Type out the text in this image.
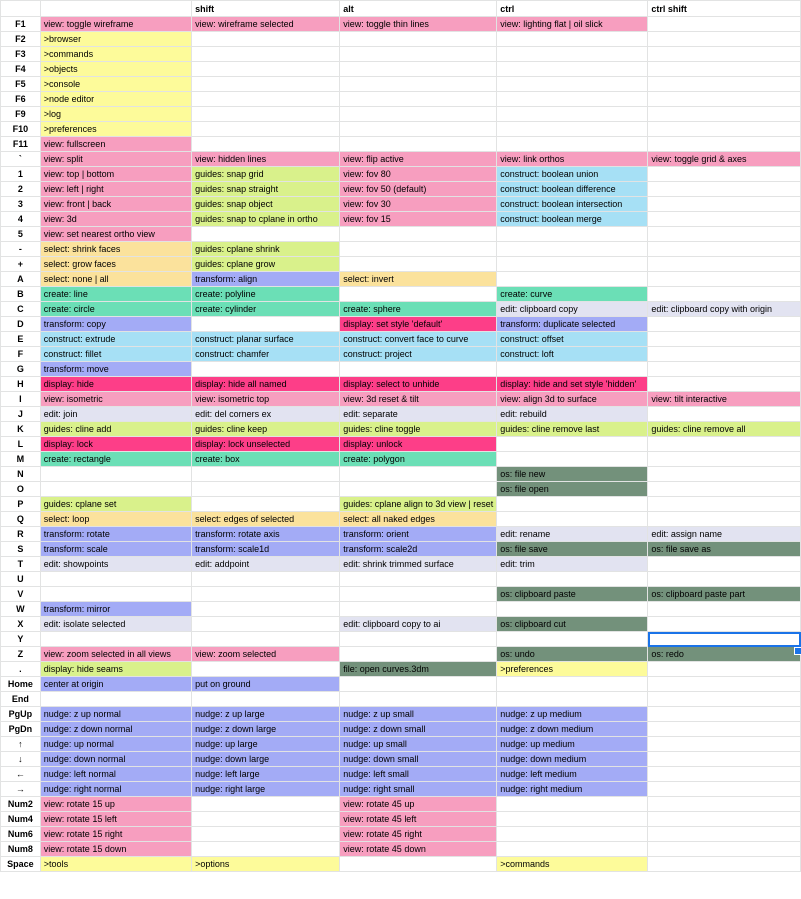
		shift	alt	ctrl	ctrl shift
F1	view: toggle wireframe	view: wireframe selected	view: toggle thin lines	view: lighting flat | oil slick	
F2	>browser				
F3	>commands				
F4	>objects				
F5	>console				
F6	>node editor				
F9	>log				
F10	>preferences				
F11	view: fullscreen				
`	view: split	view: hidden lines	view: flip active	view: link orthos	view: toggle grid & axes
1	view: top | bottom	guides: snap grid	view: fov 80	construct: boolean union	
2	view: left | right	guides: snap straight	view: fov 50 (default)	construct: boolean difference	
3	view: front | back	guides: snap object	view: fov 30	construct: boolean intersection	
4	view: 3d	guides: snap to cplane in ortho	view: fov 15	construct: boolean merge	
5	view: set nearest ortho view				
-	select: shrink faces	guides: cplane shrink			
+	select: grow faces	guides: cplane grow			
A	select: none | all	transform: align	select: invert		
B	create: line	create: polyline		create: curve	
C	create: circle	create: cylinder	create: sphere	edit: clipboard copy	edit: clipboard copy with origin
D	transform: copy		display: set style 'default'	transform: duplicate selected	
E	construct: extrude	construct: planar surface	construct: convert face to curve	construct: offset	
F	construct: fillet	construct: chamfer	construct: project	construct: loft	
G	transform: move				
H	display: hide	display: hide all named	display: select to unhide	display: hide and set style 'hidden'	
I	view: isometric	view: isometric top	view: 3d reset & tilt	view: align 3d to surface	view: tilt interactive
J	edit: join	edit: del corners ex	edit: separate	edit: rebuild	
K	guides: cline add	guides: cline keep	guides: cline toggle	guides: cline remove last	guides: cline remove all
L	display: lock	display: lock unselected	display: unlock		
M	create: rectangle	create: box	create: polygon		
N				os: file new	
O				os: file open	
P	guides: cplane set		guides: cplane align to 3d view | reset		
Q	select: loop	select: edges of selected	select: all naked edges		
R	transform: rotate	transform: rotate axis	transform: orient	edit: rename	edit: assign name
S	transform: scale	transform: scale1d	transform: scale2d	os: file save	os: file save as
T	edit: showpoints	edit: addpoint	edit: shrink trimmed surface	edit: trim	
U					
V				os: clipboard paste	os: clipboard paste part
W	transform: mirror				
X	edit: isolate selected		edit: clipboard copy to ai	os: clipboard cut	
Y					
Z	view: zoom selected in all views	view: zoom selected		os: undo	os: redo
.	display: hide seams		file: open curves.3dm	>preferences	
Home	center at origin	put on ground			
End					
PgUp	nudge: z up normal	nudge: z up large	nudge: z up small	nudge: z up medium	
PgDn	nudge: z down normal	nudge: z down large	nudge: z down small	nudge: z down medium	
↑	nudge: up normal	nudge: up large	nudge: up small	nudge: up medium	
↓	nudge: down normal	nudge: down large	nudge: down small	nudge: down medium	
←	nudge: left normal	nudge: left large	nudge: left small	nudge: left medium	
→	nudge: right normal	nudge: right large	nudge: right small	nudge: right medium	
Num2	view: rotate 15 up		view: rotate 45 up		
Num4	view: rotate 15 left		view: rotate 45 left		
Num6	view: rotate 15 right		view: rotate 45 right		
Num8	view: rotate 15 down		view: rotate 45 down		
Space	>tools	>options		>commands	
